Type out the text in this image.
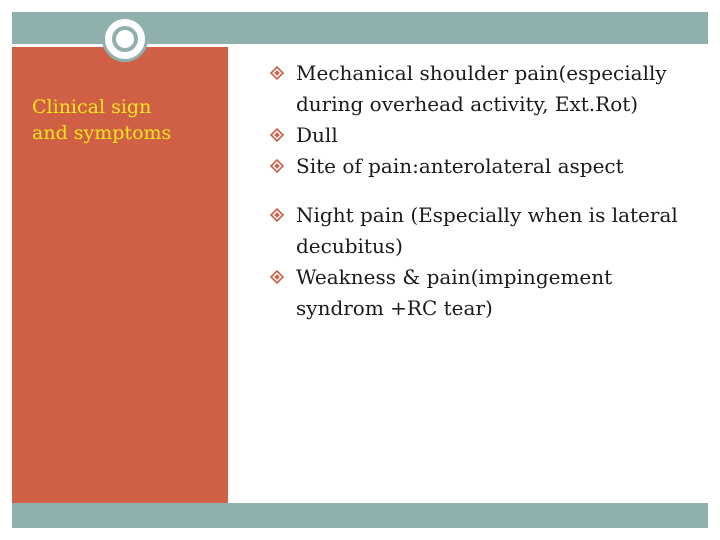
Clinical sign
and symptoms

Mechanical shoulder pain(especially during overhead activity, Ext.Rot)

Dull

Site of pain:anterolateral aspect

Night pain (Especially when is lateral decubitus)

Weakness & pain(impingement syndrom +RC tear)
